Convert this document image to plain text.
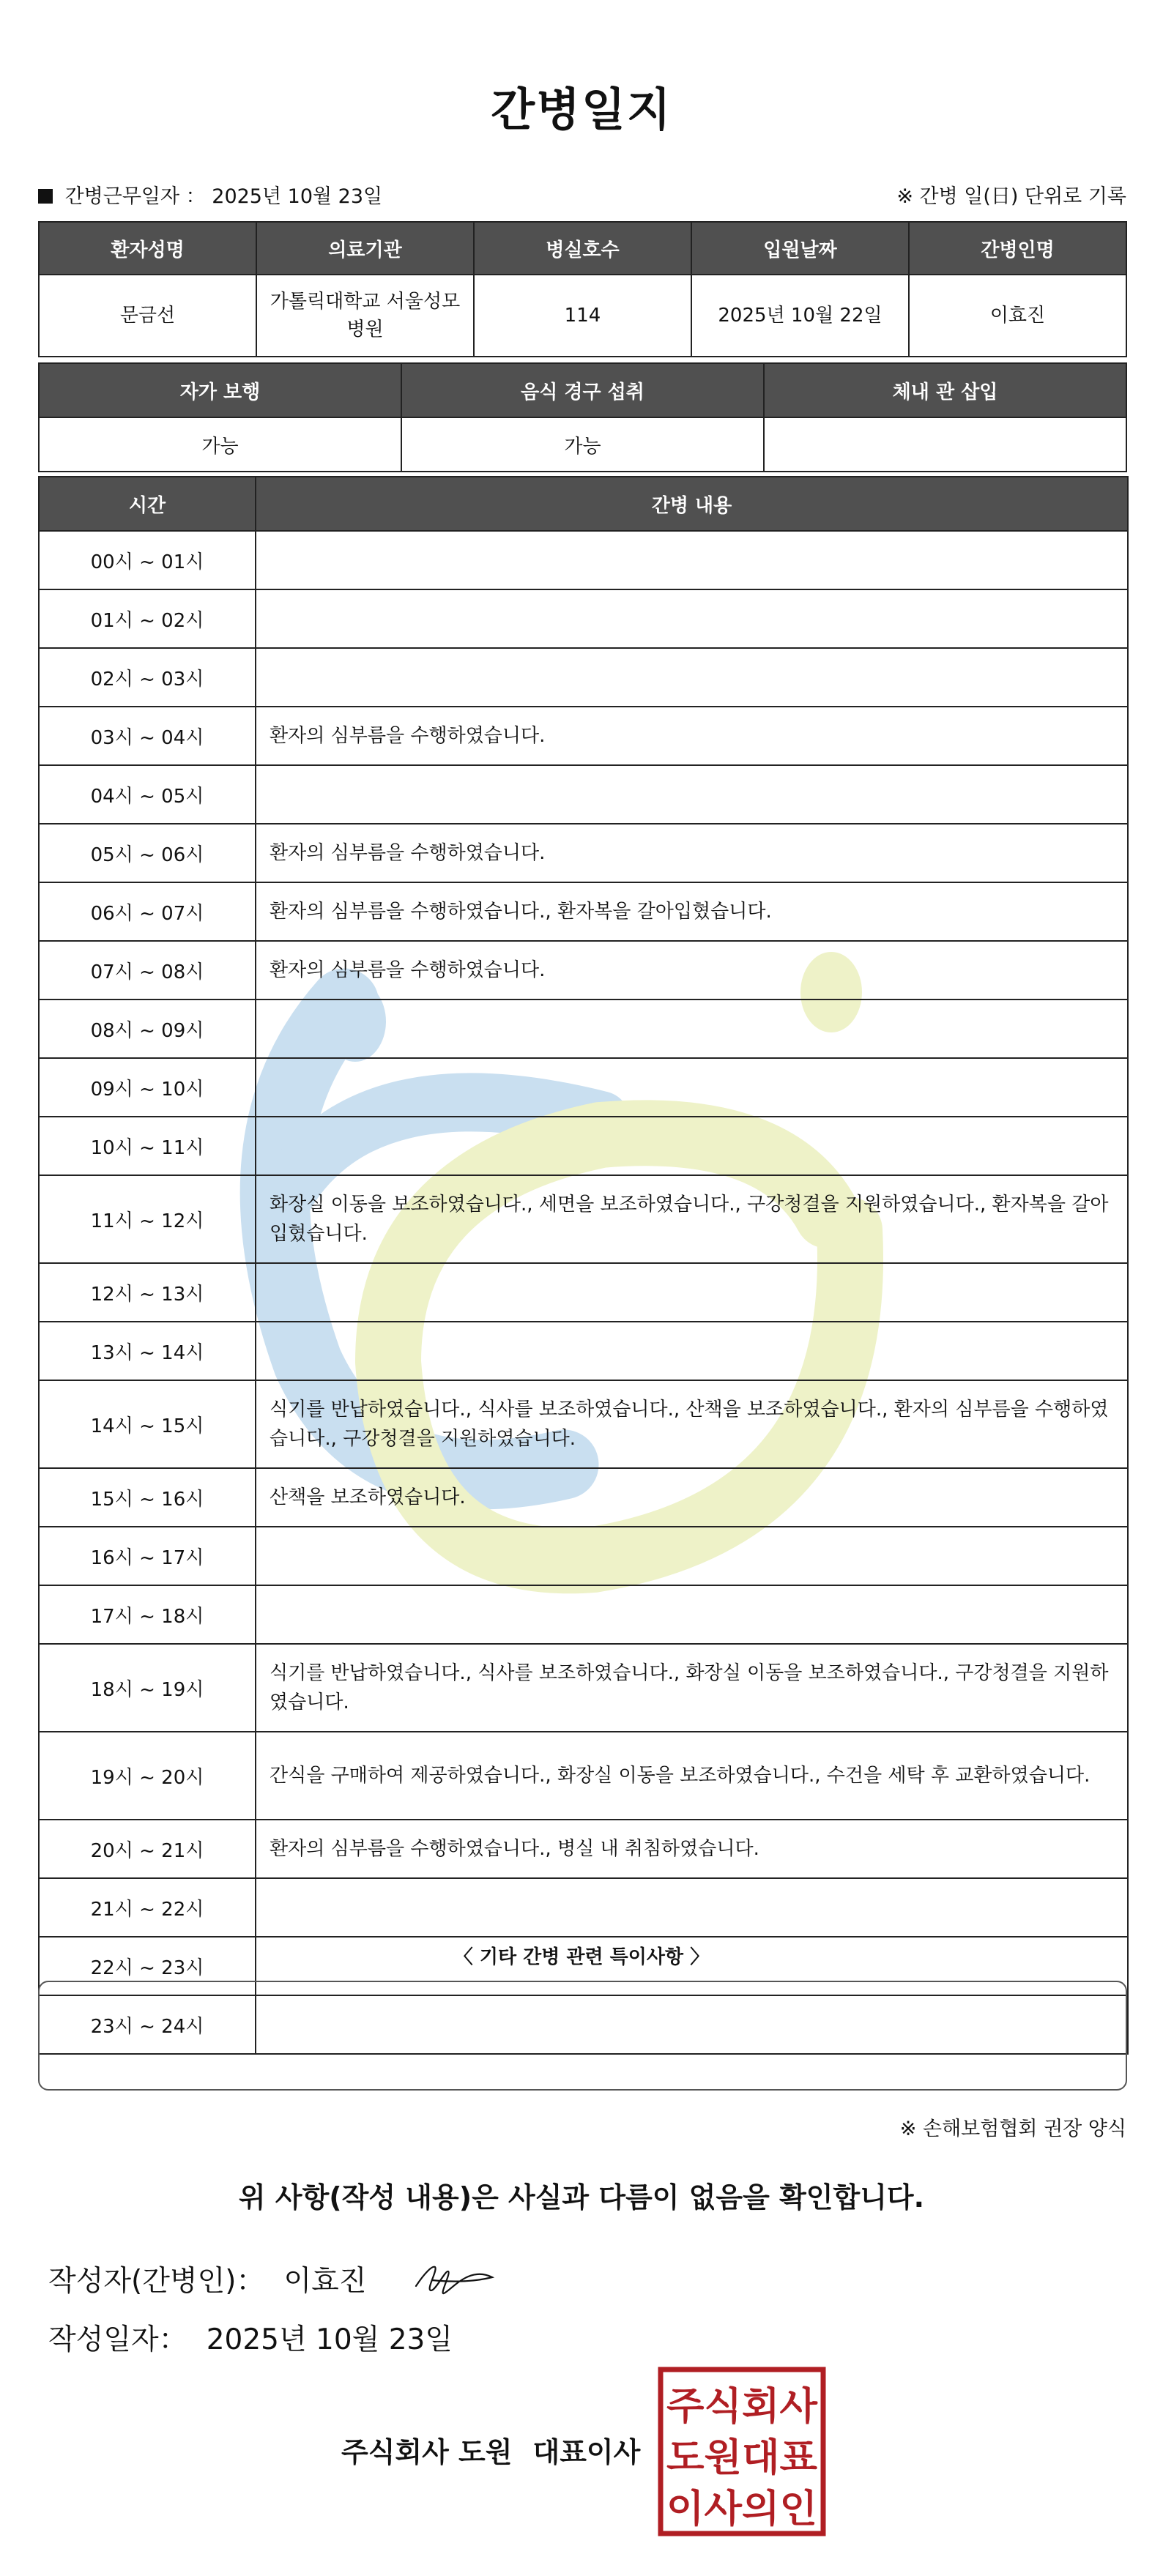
간병일지
간병근무일자 ： 2025년 10월 23일	※ 간병 일(日) 단위로 기록
환자성명	의료기관	병실호수	입원날짜	간병인명
문금선	가톨릭대학교 서울성모병원	114	2025년 10월 22일	이효진
자가 보행	음식 경구 섭취	체내 관 삽입
가능	가능	
시간	간병 내용
00시 ~ 01시	
01시 ~ 02시	
02시 ~ 03시	
03시 ~ 04시	환자의 심부름을 수행하였습니다.
04시 ~ 05시	
05시 ~ 06시	환자의 심부름을 수행하였습니다.
06시 ~ 07시	환자의 심부름을 수행하였습니다., 환자복을 갈아입혔습니다.
07시 ~ 08시	환자의 심부름을 수행하였습니다.
08시 ~ 09시	
09시 ~ 10시	
10시 ~ 11시	
11시 ~ 12시	화장실 이동을 보조하였습니다., 세면을 보조하였습니다., 구강청결을 지원하였습니다., 환자복을 갈아입혔습니다.
12시 ~ 13시	
13시 ~ 14시	
14시 ~ 15시	식기를 반납하였습니다., 식사를 보조하였습니다., 산책을 보조하였습니다., 환자의 심부름을 수행하였습니다., 구강청결을 지원하였습니다.
15시 ~ 16시	산책을 보조하였습니다.
16시 ~ 17시	
17시 ~ 18시	
18시 ~ 19시	식기를 반납하였습니다., 식사를 보조하였습니다., 화장실 이동을 보조하였습니다., 구강청결을 지원하였습니다.
19시 ~ 20시	간식을 구매하여 제공하였습니다., 화장실 이동을 보조하였습니다., 수건을 세탁 후 교환하였습니다.
20시 ~ 21시	환자의 심부름을 수행하였습니다., 병실 내 취침하였습니다.
21시 ~ 22시	
22시 ~ 23시	
23시 ~ 24시	
〈 기타 간병 관련 특이사항 〉
※ 손해보험협회 권장 양식
위 사항(작성 내용)은 사실과 다름이 없음을 확인합니다.
작성자(간병인)： 이효진
작성일자： 2025년 10월 23일
주식회사 도원 대표이사
주식회사
도원대표
이사의인
